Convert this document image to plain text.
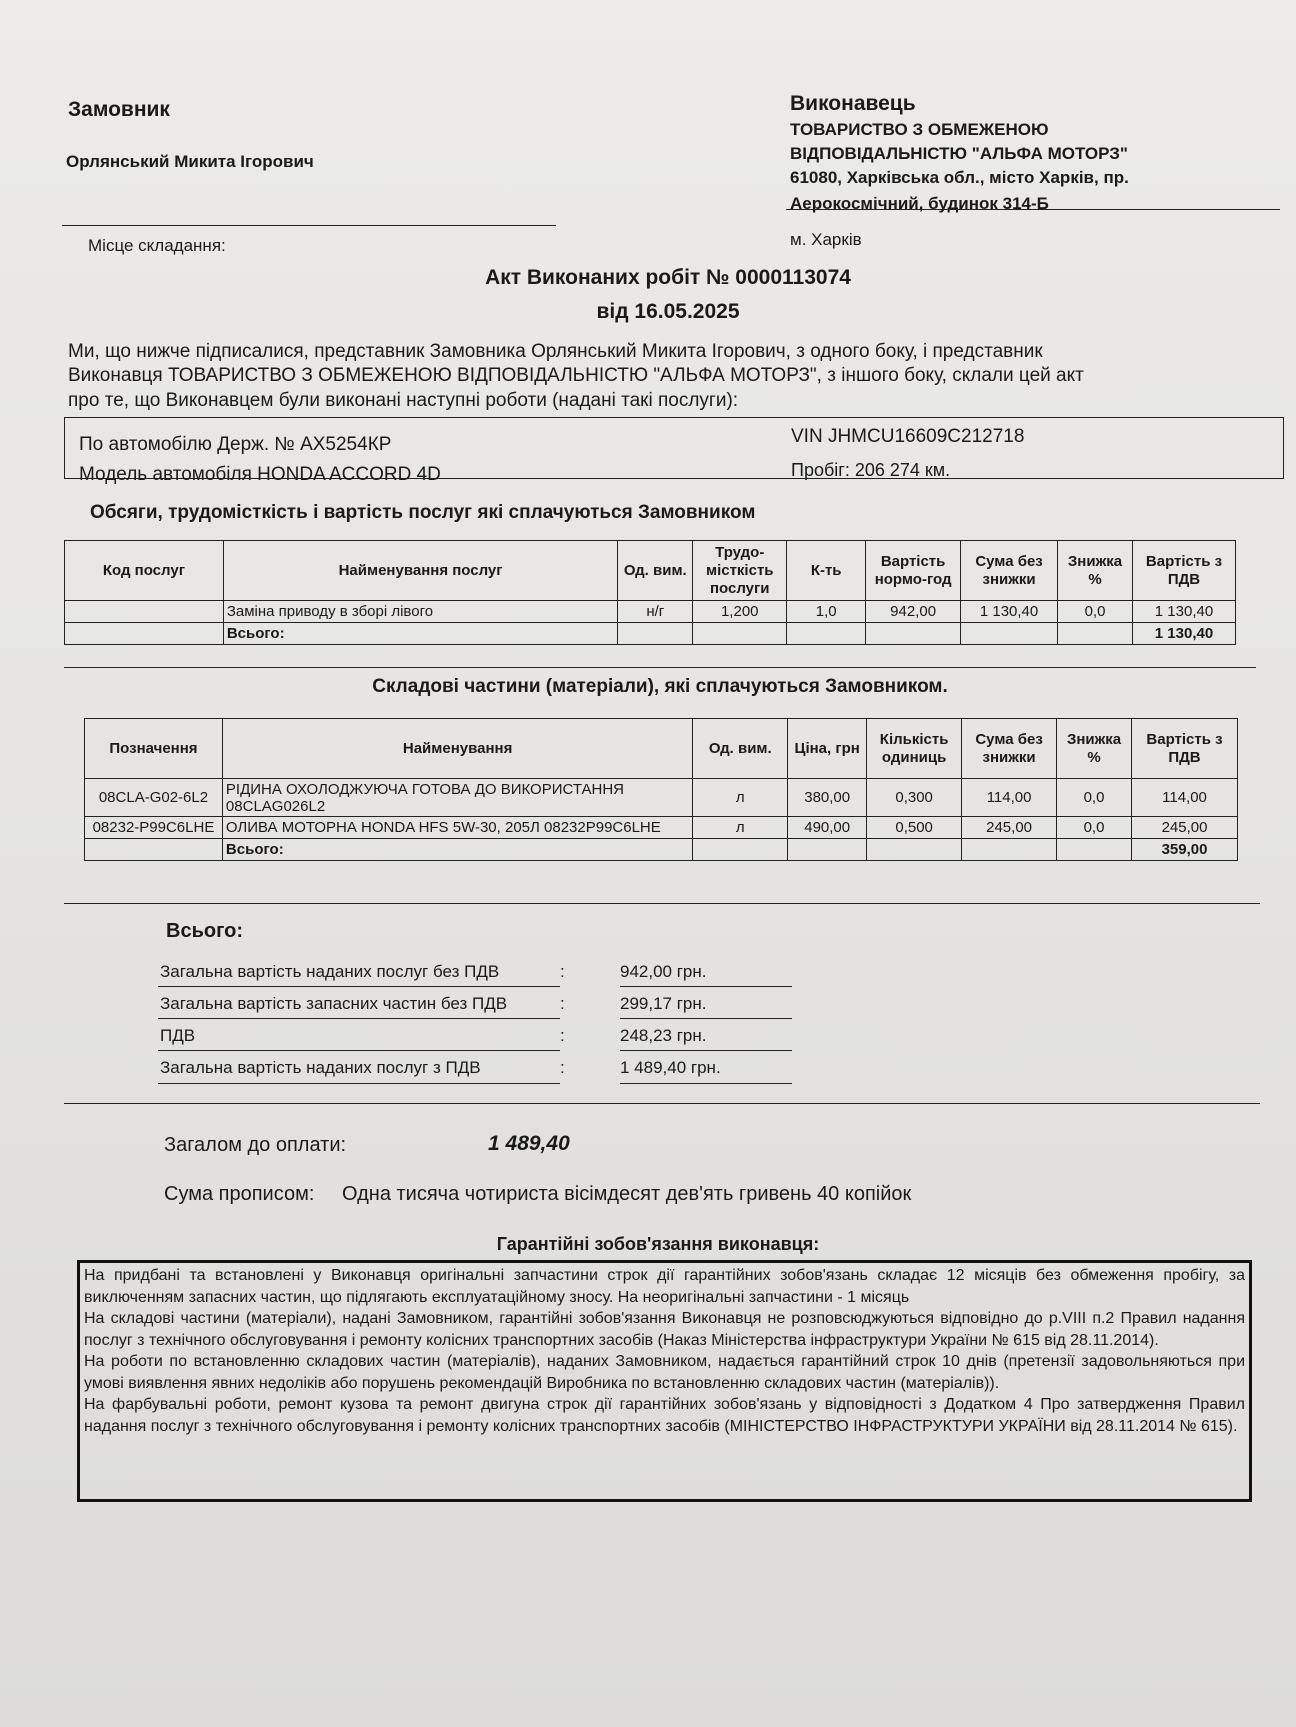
Замовник
Орлянський Микита Ігорович
Місце складання:
Виконавець
ТОВАРИСТВО З ОБМЕЖЕНОЮ
ВІДПОВІДАЛЬНІСТЮ "АЛЬФА МОТОРЗ"
61080, Харківська обл., місто Харків, пр.
Аерокосмічний, будинок 314-Б
м. Харків
Акт Виконаних робіт № 0000113074
від 16.05.2025
Ми, що нижче підписалися, представник Замовника Орлянський Микита Ігорович, з одного боку, і представник
Виконавця ТОВАРИСТВО З ОБМЕЖЕНОЮ ВІДПОВІДАЛЬНІСТЮ "АЛЬФА МОТОРЗ", з іншого боку, склали цей акт
про те, що Виконавцем були виконані наступні роботи (надані такі послуги):
По автомобілю Держ. № АХ5254КР
Модель автомобіля HONDA ACCORD 4D
VIN JHMCU16609C212718
Пробіг: 206 274 км.
Обсяги, трудомісткість і вартість послуг які сплачуються Замовником
Код послуг	Найменування послуг	Од. вим.	Трудо-місткість послуги	К-ть	Вартість нормо-год	Сума без знижки	Знижка %	Вартість з ПДВ
	Заміна приводу в зборі лівого	н/г	1,200	1,0	942,00	1 130,40	0,0	1 130,40
	Всього:							1 130,40
Складові частини (матеріали), які сплачуються Замовником.
Позначення	Найменування	Од. вим.	Ціна, грн	Кількість одиниць	Сума без знижки	Знижка %	Вартість з ПДВ
08CLA-G02-6L2	РІДИНА ОХОЛОДЖУЮЧА ГОТОВА ДО ВИКОРИСТАННЯ 08CLAG026L2	л	380,00	0,300	114,00	0,0	114,00
08232-P99C6LHE	ОЛИВА МОТОРНА HONDA HFS 5W-30, 205Л 08232P99C6LHE	л	490,00	0,500	245,00	0,0	245,00
	Всього:						359,00
Всього:
Загальна вартість наданих послуг без ПДВ	:	942,00 грн.
Загальна вартість запасних частин без ПДВ	:	299,17 грн.
ПДВ	:	248,23 грн.
Загальна вартість наданих послуг з ПДВ	:	1 489,40 грн.
Загалом до оплати:	1 489,40
Сума прописом: Одна тисяча чотириста вісімдесят дев'ять гривень 40 копійок
Гарантійні зобов'язання виконавця:

На придбані та встановлені у Виконавця оригінальні запчастини строк дії гарантійних зобов'язань складає 12 місяців без обмеження пробігу, за виключенням запасних частин, що підлягають експлуатаційному зносу. На неоригінальні запчастини - 1 місяць

На складові частини (матеріали), надані Замовником, гарантійні зобов'язання Виконавця не розповсюджуються відповідно до р.VIII п.2 Правил надання послуг з технічного обслуговування і ремонту колісних транспортних засобів (Наказ Міністерства інфраструктури України № 615 від 28.11.2014).

На роботи по встановленню складових частин (матеріалів), наданих Замовником, надається гарантійний строк 10 днів (претензії задовольняються при умові виявлення явних недоліків або порушень рекомендацій Виробника по встановленню складових частин (матеріалів)).

На фарбувальні роботи, ремонт кузова та ремонт двигуна строк дії гарантійних зобов'язань у відповідності з Додатком 4 Про затвердження Правил надання послуг з технічного обслуговування і ремонту колісних транспортних засобів (МІНІСТЕРСТВО ІНФРАСТРУКТУРИ УКРАЇНИ від 28.11.2014 № 615).
